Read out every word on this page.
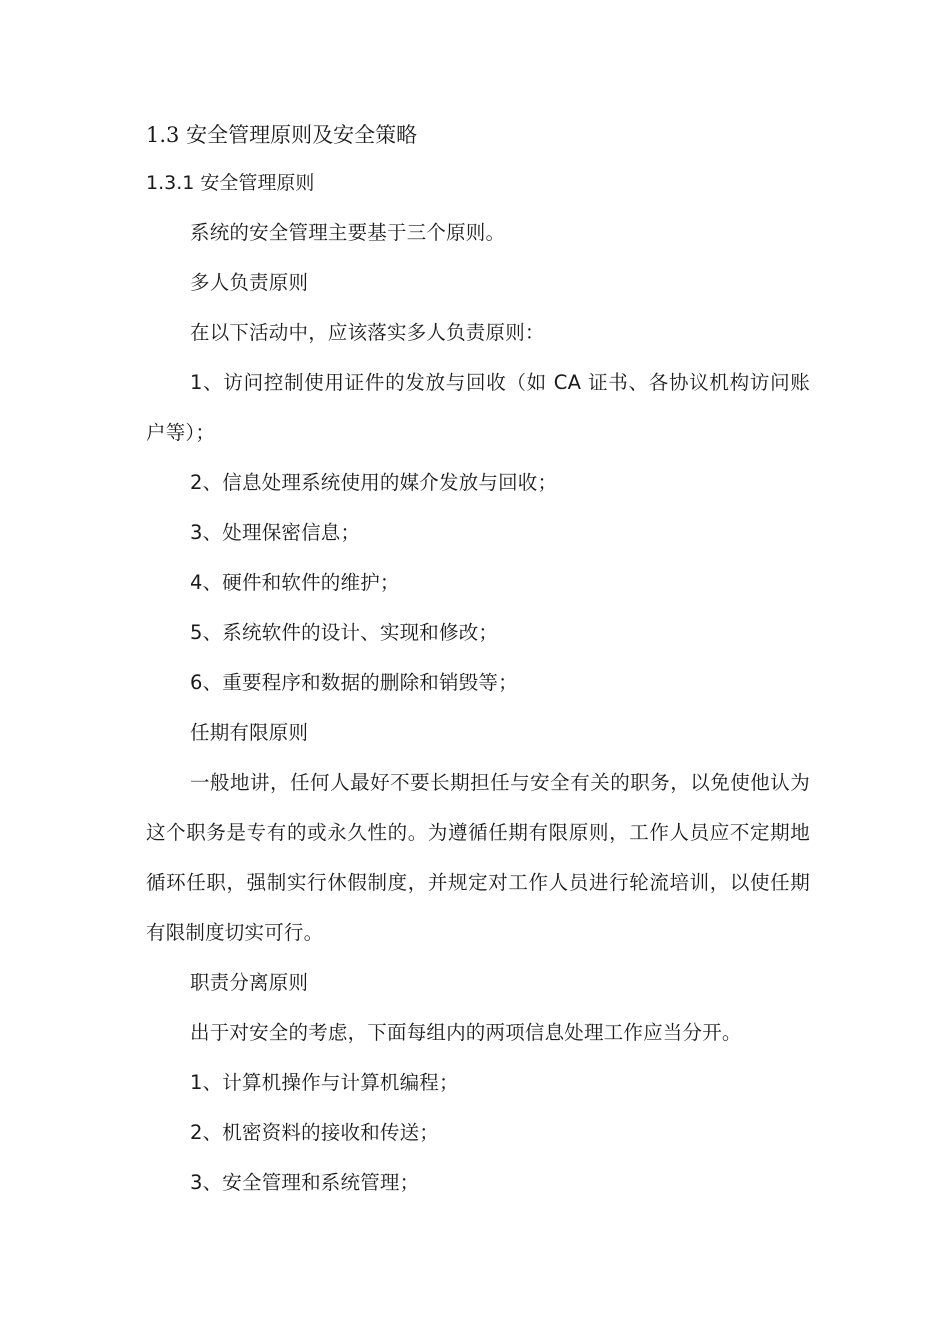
1.3 安全管理原则及安全策略
1.3.1 安全管理原则

系统的安全管理主要基于三个原则。

多人负责原则

在以下活动中，应该落实多人负责原则：

1、访问控制使用证件的发放与回收（如 CA 证书、各协议机构访问账户等）；

2、信息处理系统使用的媒介发放与回收；

3、处理保密信息；

4、硬件和软件的维护；

5、系统软件的设计、实现和修改；

6、重要程序和数据的删除和销毁等；

任期有限原则

一般地讲，任何人最好不要长期担任与安全有关的职务，以免使他认为这个职务是专有的或永久性的。为遵循任期有限原则，工作人员应不定期地循环任职，强制实行休假制度，并规定对工作人员进行轮流培训，以使任期有限制度切实可行。

职责分离原则

出于对安全的考虑，下面每组内的两项信息处理工作应当分开。

1、计算机操作与计算机编程；

2、机密资料的接收和传送；

3、安全管理和系统管理；
